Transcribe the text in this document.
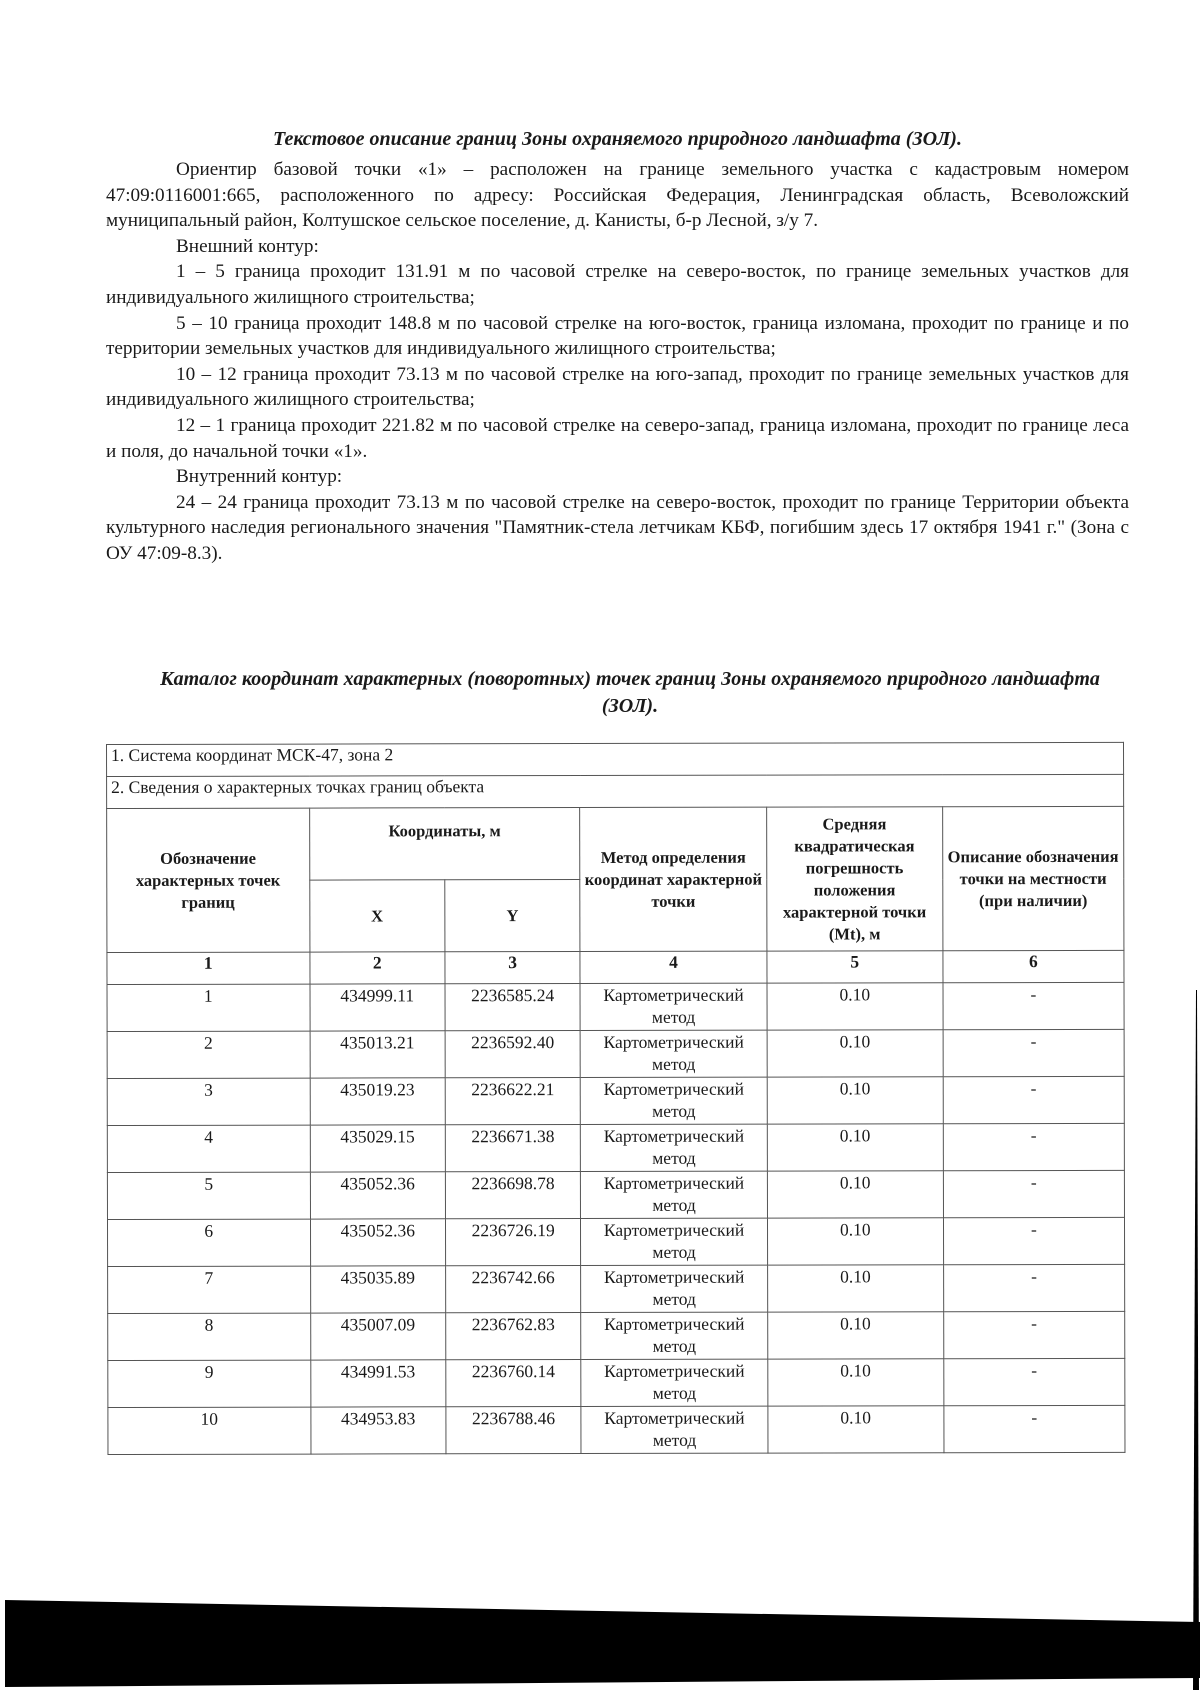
Текстовое описание границ Зоны охраняемого природного ландшафта (ЗОЛ).

Ориентир базовой точки «1» – расположен на границе земельного участка с кадастровым номером 47:09:0116001:665, расположенного по адресу: Российская Федерация, Ленинградская область, Всеволожский муниципальный район, Колтушское сельское поселение, д. Канисты, б-р Лесной, з/у 7.

Внешний контур:

1 – 5 граница проходит 131.91 м по часовой стрелке на северо-восток, по границе земельных участков для индивидуального жилищного строительства;

5 – 10 граница проходит 148.8 м по часовой стрелке на юго-восток, граница изломана, проходит по границе и по территории земельных участков для индивидуального жилищного строительства;

10 – 12 граница проходит 73.13 м по часовой стрелке на юго-запад, проходит по границе земельных участков для индивидуального жилищного строительства;

12 – 1 граница проходит 221.82 м по часовой стрелке на северо-запад, граница изломана, проходит по границе леса и поля, до начальной точки «1».

Внутренний контур:

24 – 24 граница проходит 73.13 м по часовой стрелке на северо-восток, проходит по границе Территории объекта культурного наследия регионального значения "Памятник-стела летчикам КБФ, погибшим здесь 17 октября 1941 г." (Зона с ОУ 47:09-8.3).

Каталог координат характерных (поворотных) точек границ Зоны охраняемого природного ландшафта (ЗОЛ).
1. Система координат МСК-47, зона 2					
2. Сведения о характерных точках границ объекта					
Обозначение характерных точек границ	Координаты, м		Метод определения координат характерной точки	Средняя квадратическая погрешность положения характерной точки (Mt), м	Описание обозначения точки на местности (при наличии)
	X	Y			
1	2	3	4	5	6
1	434999.11	2236585.24	Картометрический метод	0.10	-
2	435013.21	2236592.40	Картометрический метод	0.10	-
3	435019.23	2236622.21	Картометрический метод	0.10	-
4	435029.15	2236671.38	Картометрический метод	0.10	-
5	435052.36	2236698.78	Картометрический метод	0.10	-
6	435052.36	2236726.19	Картометрический метод	0.10	-
7	435035.89	2236742.66	Картометрический метод	0.10	-
8	435007.09	2236762.83	Картометрический метод	0.10	-
9	434991.53	2236760.14	Картометрический метод	0.10	-
10	434953.83	2236788.46	Картометрический метод	0.10	-
